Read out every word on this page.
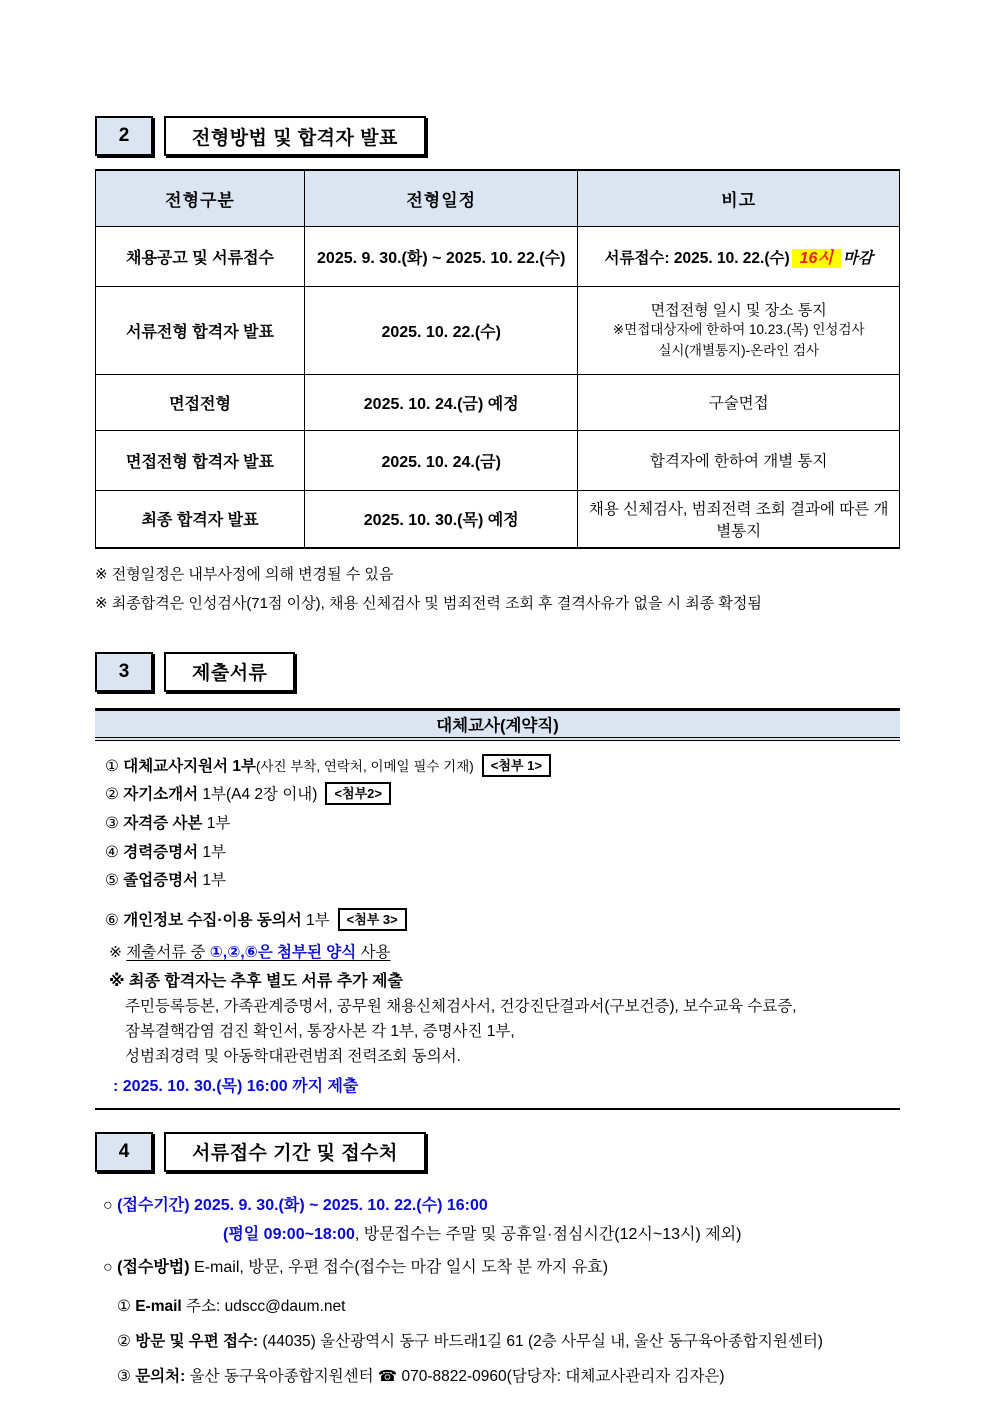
2	전형방법 및 합격자 발표
전형구분	전형일정	비고
채용공고 및 서류접수	2025. 9. 30.(화) ~ 2025. 10. 22.(수)	서류접수: 2025. 10. 22.(수) 16시 마감
서류전형 합격자 발표	2025. 10. 22.(수)	면접전형 일시 및 장소 통지
※면접대상자에 한하여 10.23.(목) 인성검사
실시(개별통지)-온라인 검사

면접전형	2025. 10. 24.(금) 예정	구술면접
면접전형 합격자 발표	2025. 10. 24.(금)	합격자에 한하여 개별 통지
최종 합격자 발표	2025. 10. 30.(목) 예정	채용 신체검사, 범죄전력 조회 결과에 따른 개별통지
※ 전형일정은 내부사정에 의해 변경될 수 있음
※ 최종합격은 인성검사(71점 이상), 채용 신체검사 및 범죄전력 조회 후 결격사유가 없을 시 최종 확정됨
3	제출서류
대체교사(계약직)
① 대체교사지원서 1부(사진 부착, 연락처, 이메일 필수 기재) <첨부 1>
② 자기소개서 1부(A4 2장 이내) <첨부2>
③ 자격증 사본 1부
④ 경력증명서 1부
⑤ 졸업증명서 1부
⑥ 개인정보 수집·이용 동의서 1부 <첨부 3>
※ 제출서류 중 ①,②,⑥은 첨부된 양식 사용
※ 최종 합격자는 추후 별도 서류 추가 제출
주민등록등본, 가족관계증명서, 공무원 채용신체검사서, 건강진단결과서(구보건증), 보수교육 수료증,
잠복결핵감염 검진 확인서, 통장사본 각 1부, 증명사진 1부,
성범죄경력 및 아동학대관련범죄 전력조회 동의서.
: 2025. 10. 30.(목) 16:00 까지 제출
4	서류접수 기간 및 접수처
○ (접수기간) 2025. 9. 30.(화) ~ 2025. 10. 22.(수) 16:00
(평일 09:00~18:00, 방문접수는 주말 및 공휴일·점심시간(12시~13시) 제외)
○ (접수방법) E-mail, 방문, 우편 접수(접수는 마감 일시 도착 분 까지 유효)
① E-mail 주소: udscc@daum.net
② 방문 및 우편 접수: (44035) 울산광역시 동구 바드래1길 61 (2층 사무실 내, 울산 동구육아종합지원센터)
③ 문의처: 울산 동구육아종합지원센터 ☎ 070-8822-0960(담당자: 대체교사관리자 김자은)
